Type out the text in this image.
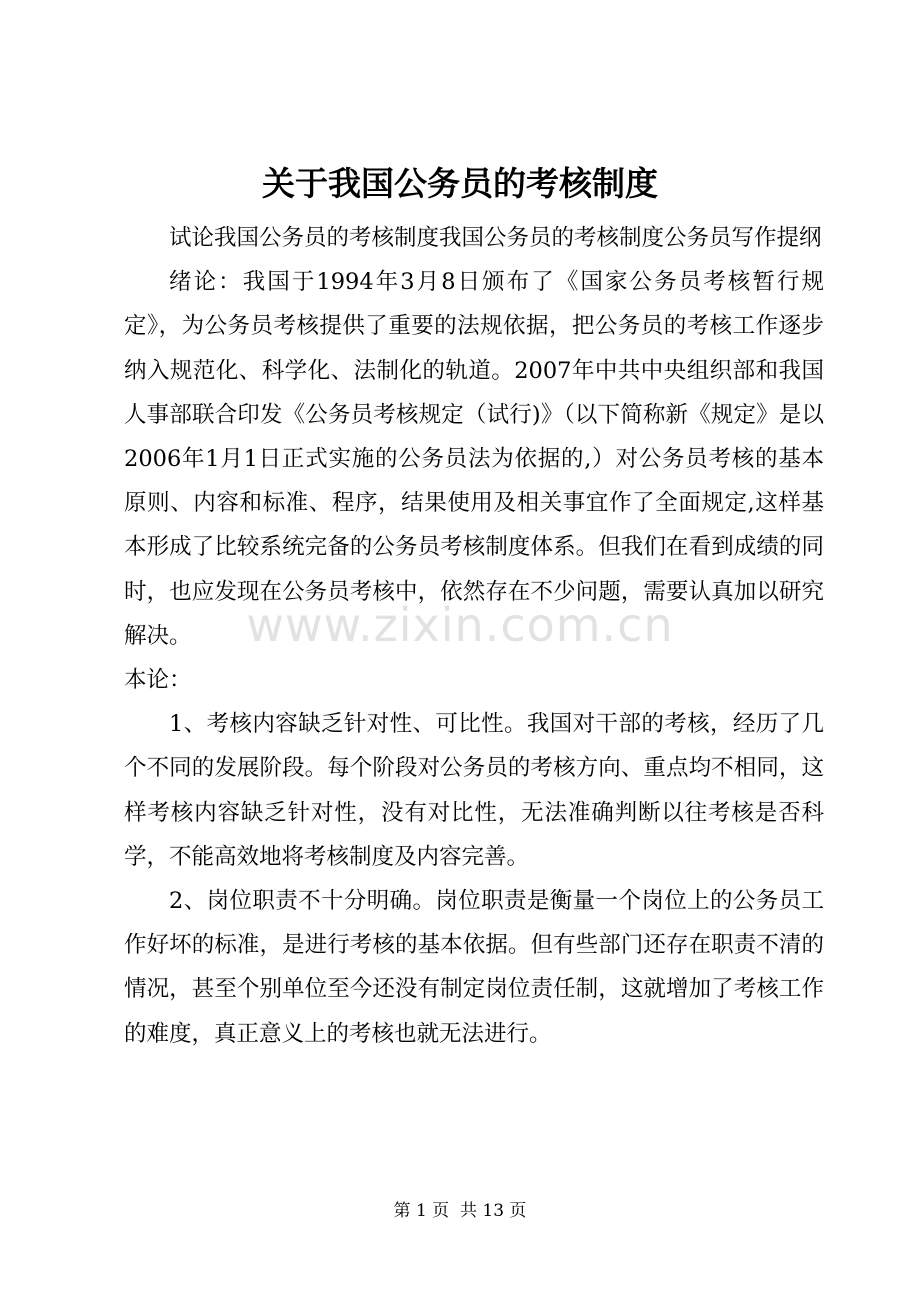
关于我国公务员的考核制度

试论我国公务员的考核制度我国公务员的考核制度公务员写作提纲

绪论：我国于1994年3月8日颁布了《国家公务员考核暂行规定》，为公务员考核提供了重要的法规依据，把公务员的考核工作逐步纳入规范化、科学化、法制化的轨道。2007年中共中央组织部和我国人事部联合印发《公务员考核规定（试行)》（以下简称新《规定》是以2006年1月1日正式实施的公务员法为依据的,）对公务员考核的基本原则、内容和标准、程序，结果使用及相关事宜作了全面规定,这样基本形成了比较系统完备的公务员考核制度体系。但我们在看到成绩的同时，也应发现在公务员考核中，依然存在不少问题，需要认真加以研究解决。

本论：

1、考核内容缺乏针对性、可比性。我国对干部的考核，经历了几个不同的发展阶段。每个阶段对公务员的考核方向、重点均不相同，这样考核内容缺乏针对性，没有对比性，无法准确判断以往考核是否科学，不能高效地将考核制度及内容完善。

2、岗位职责不十分明确。岗位职责是衡量一个岗位上的公务员工作好坏的标准，是进行考核的基本依据。但有些部门还存在职责不清的情况，甚至个别单位至今还没有制定岗位责任制，这就增加了考核工作的难度，真正意义上的考核也就无法进行。

www.zixin.com.cn
第 1 页 共 13 页
